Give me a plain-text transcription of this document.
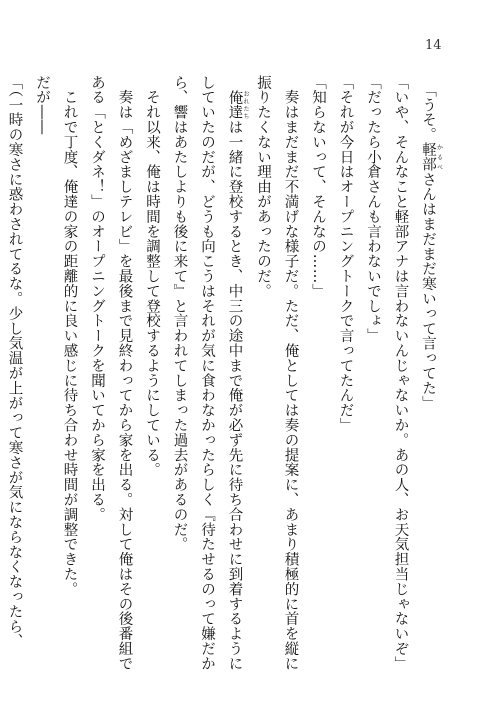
14
　「うそ。軽部 かるべさんはまだまだ寒いって言ってた」
「いや、そんなこと軽部アナは言わないんじゃないか。あの人、お天気担当じゃないぞ」
「だったら小倉さんも言わないでしょ」
「それが今日はオープニングトークで言ってたんだ」
「知らないって、そんなの……」
　奏はまだまだ不満げな様子だ。ただ、俺としては奏の提案に、あまり積極的に首を縦に
振りたくない理由があったのだ。
　俺達 おれたちは一緒に登校するとき、中三の途中まで俺が必ず先に待ち合わせに到着するように
していたのだが、どうも向こうはそれが気に食わなかったらしく『待たせるのって嫌だか
ら、響はあたしよりも後に来て』と言われてしまった過去があるのだ。
　それ以来、俺は時間を調整して登校するようにしている。
　奏は「めざましテレビ」を最後まで見終わってから家を出る。対して俺はその後番組で
ある「とくダネ！」のオープニングトークを聞いてから家を出る。
　これで丁度、俺達の家の距離的に良い感じに待ち合わせ時間が調整できた。
だが――
「（一時の寒さに惑わされてるな。少し気温が上がって寒さが気にならなくなったら、
